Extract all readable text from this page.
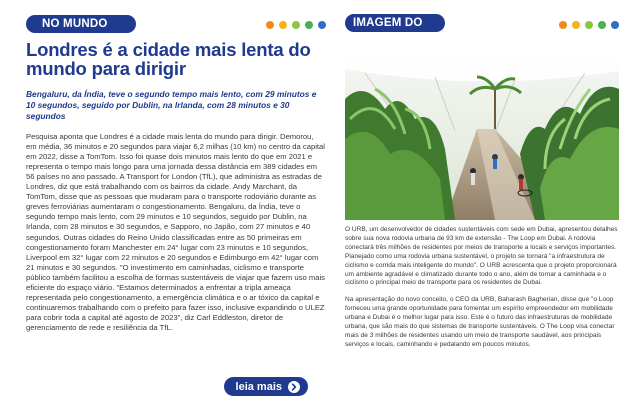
NO MUNDO
Londres é a cidade mais lenta do mundo para dirigir

Bengaluru, da Índia, teve o segundo tempo mais lento, com 29 minutos e 10 segundos, seguido por Dublin, na Irlanda, com 28 minutos e 30 segundos

Pesquisa aponta que Londres é a cidade mais lenta do mundo para dirigir. Demorou, em média, 36 minutos e 20 segundos para viajar 6,2 milhas (10 km) no centro da capital em 2022, disse a TomTom. Isso foi quase dois minutos mais lento do que em 2021 e representa o tempo mais longo para uma jornada dessa distância em 389 cidades em 56 países no ano passado. A Transport for London (TfL), que administra as estradas de Londres, diz que está trabalhando com os bairros da cidade. Andy Marchant, da TomTom, disse que as pessoas que mudaram para o transporte rodoviário durante as greves ferroviárias aumentaram o congestionamento. Bengaluru, da Índia, teve o segundo tempo mais lento, com 29 minutos e 10 segundos, seguido por Dublin, na Irlanda, com 28 minutos e 30 segundos, e Sapporo, no Japão, com 27 minutos e 40 segundos. Outras cidades do Reino Unido classificadas entre as 50 primeiras em congestionamento foram Manchester em 24° lugar com 23 minutos e 10 segundos, Liverpool em 32° lugar com 22 minutos e 20 segundos e Edimburgo em 42° lugar com 21 minutos e 30 segundos. "O investimento em caminhadas, ciclismo e transporte público também facilitou a escolha de formas sustentáveis de viajar que fazem uso mais eficiente do espaço viário. "Estamos determinados a enfrentar a tripla ameaça representada pelo congestionamento, a emergência climática e o ar tóxico da capital e continuaremos trabalhando com o prefeito para fazer isso, inclusive expandindo o ULEZ para cobrir toda a capital até agosto de 2023", diz Carl Eddleston, diretor de gerenciamento de rede e resiliência da TfL.

leia mais
IMAGEM DO DIA

O URB, um desenvolvedor de cidades sustentáveis com sede em Dubai, apresentou detalhes sobre sua nova rodovia urbana de 93 km de extensão - The Loop em Dubai. A rodovia conectará três milhões de residentes por meios de transporte a locais e serviços importantes. Planejado como uma rodovia urbana sustentável, o projeto se tornará "a infraestrutura de ciclismo e corrida mais inteligente do mundo". O URB acrescenta que o projeto proporcionará um ambiente agradável e climatizado durante todo o ano, além de tornar a caminhada e o ciclismo o principal meio de transporte para os residentes de Dubai.

Na apresentação do novo conceito, o CEO da URB, Baharash Bagherian, disse que "o Loop forneceu uma grande oportunidade para fomentar um espírito empreendedor em mobilidade urbana e Dubai é o melhor lugar para isso. Este é o futuro das infraestruturas de mobilidade urbana, que são mais do que sistemas de transporte sustentáveis. O The Loop visa conectar mais de 3 milhões de residentes usando um meio de transporte saudável, aos principais serviços e locais, caminhando e pedalando em poucos minutos.
